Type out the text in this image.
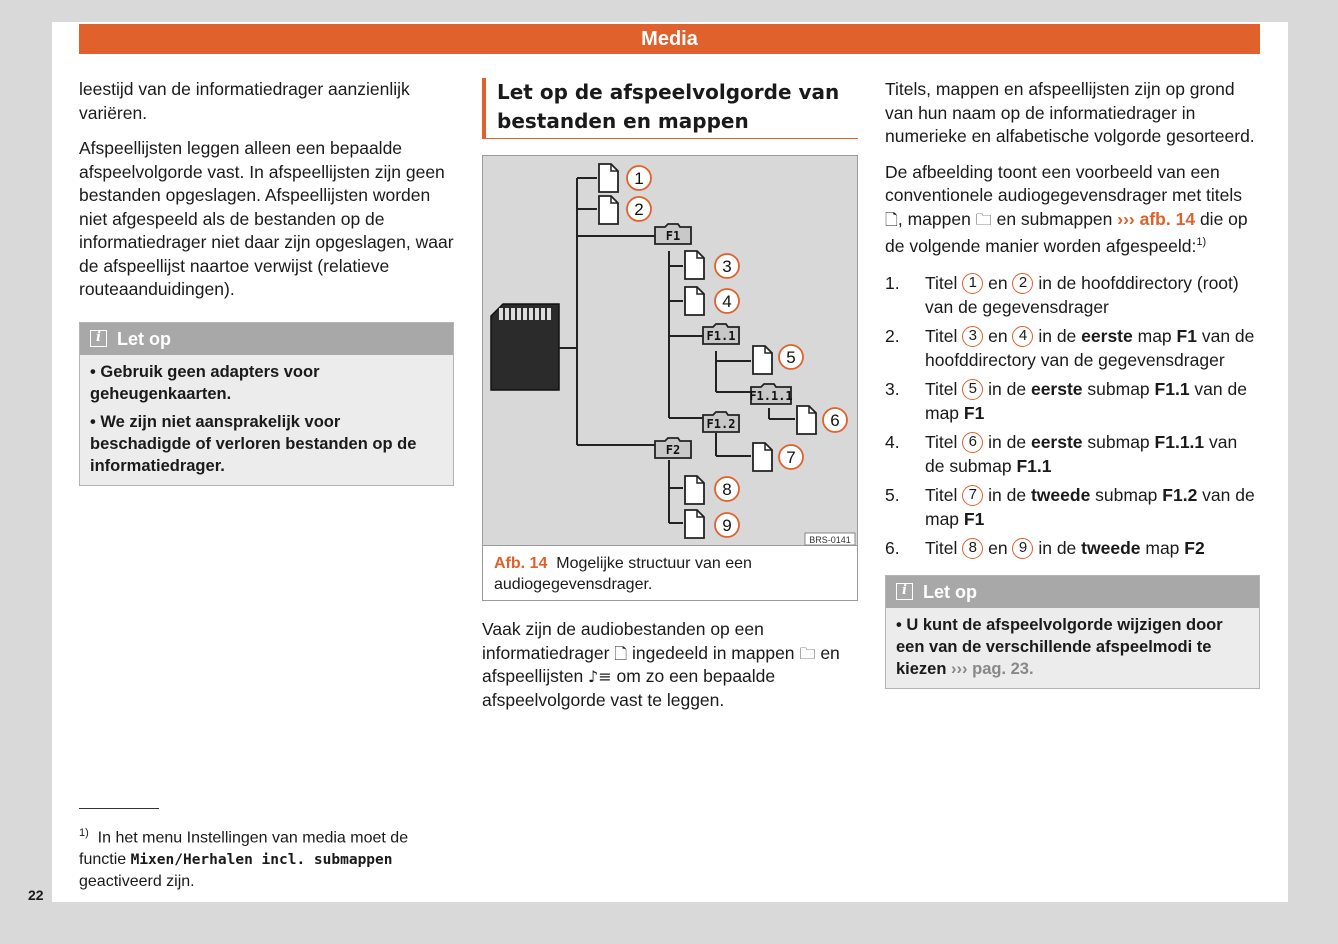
Media

leestijd van de informatiedrager aanzienlijk variëren.

Afspeellijsten leggen alleen een bepaalde afspeelvolgorde vast. In afspeellijsten zijn geen bestanden opgeslagen. Afspeellijsten worden niet afgespeeld als de bestanden op de informatiedrager niet daar zijn opgeslagen, waar de afspeellijst naartoe verwijst (relatieve routeaanduidingen).

i Let op
• Gebruik geen adapters voor geheugenkaarten.
• We zijn niet aansprakelijk voor beschadigde of verloren bestanden op de informatiedrager.
Let op de afspeelvolgorde van bestanden en mappen
F1
F1.1
F1.1.1
F1.2
F2
1
2
3
4
5
6
7
8
9
BRS-0141
Afb. 14 Mogelijke structuur van een audiogegevensdrager.

Vaak zijn de audiobestanden op een informatiedrager 🗋 ingedeeld in mappen 🗀 en afspeellijsten ♪≡ om zo een bepaalde afspeelvolgorde vast te leggen.

Titels, mappen en afspeellijsten zijn op grond van hun naam op de informatiedrager in numerieke en alfabetische volgorde gesorteerd.

De afbeelding toont een voorbeeld van een conventionele audiogegevensdrager met titels 🗋, mappen 🗀 en submappen ››› afb. 14 die op de volgende manier worden afgespeeld:$^{1)}$

1.	Titel 1 en 2 in de hoofddirectory (root) van de gegevensdrager
2.	Titel 3 en 4 in de eerste map F1 van de hoofddirectory van de gegevensdrager
3.	Titel 5 in de eerste submap F1.1 van de map F1
4.	Titel 6 in de eerste submap F1.1.1 van de submap F1.1
5.	Titel 7 in de tweede submap F1.2 van de map F1
6.	Titel 8 en 9 in de tweede map F2
i Let op
• U kunt de afspeelvolgorde wijzigen door een van de verschillende afspeelmodi te kiezen ››› pag. 23.
$^{1)}$ In het menu Instellingen van media moet de functie Mixen/Herhalen incl. submappen geactiveerd zijn.
22
